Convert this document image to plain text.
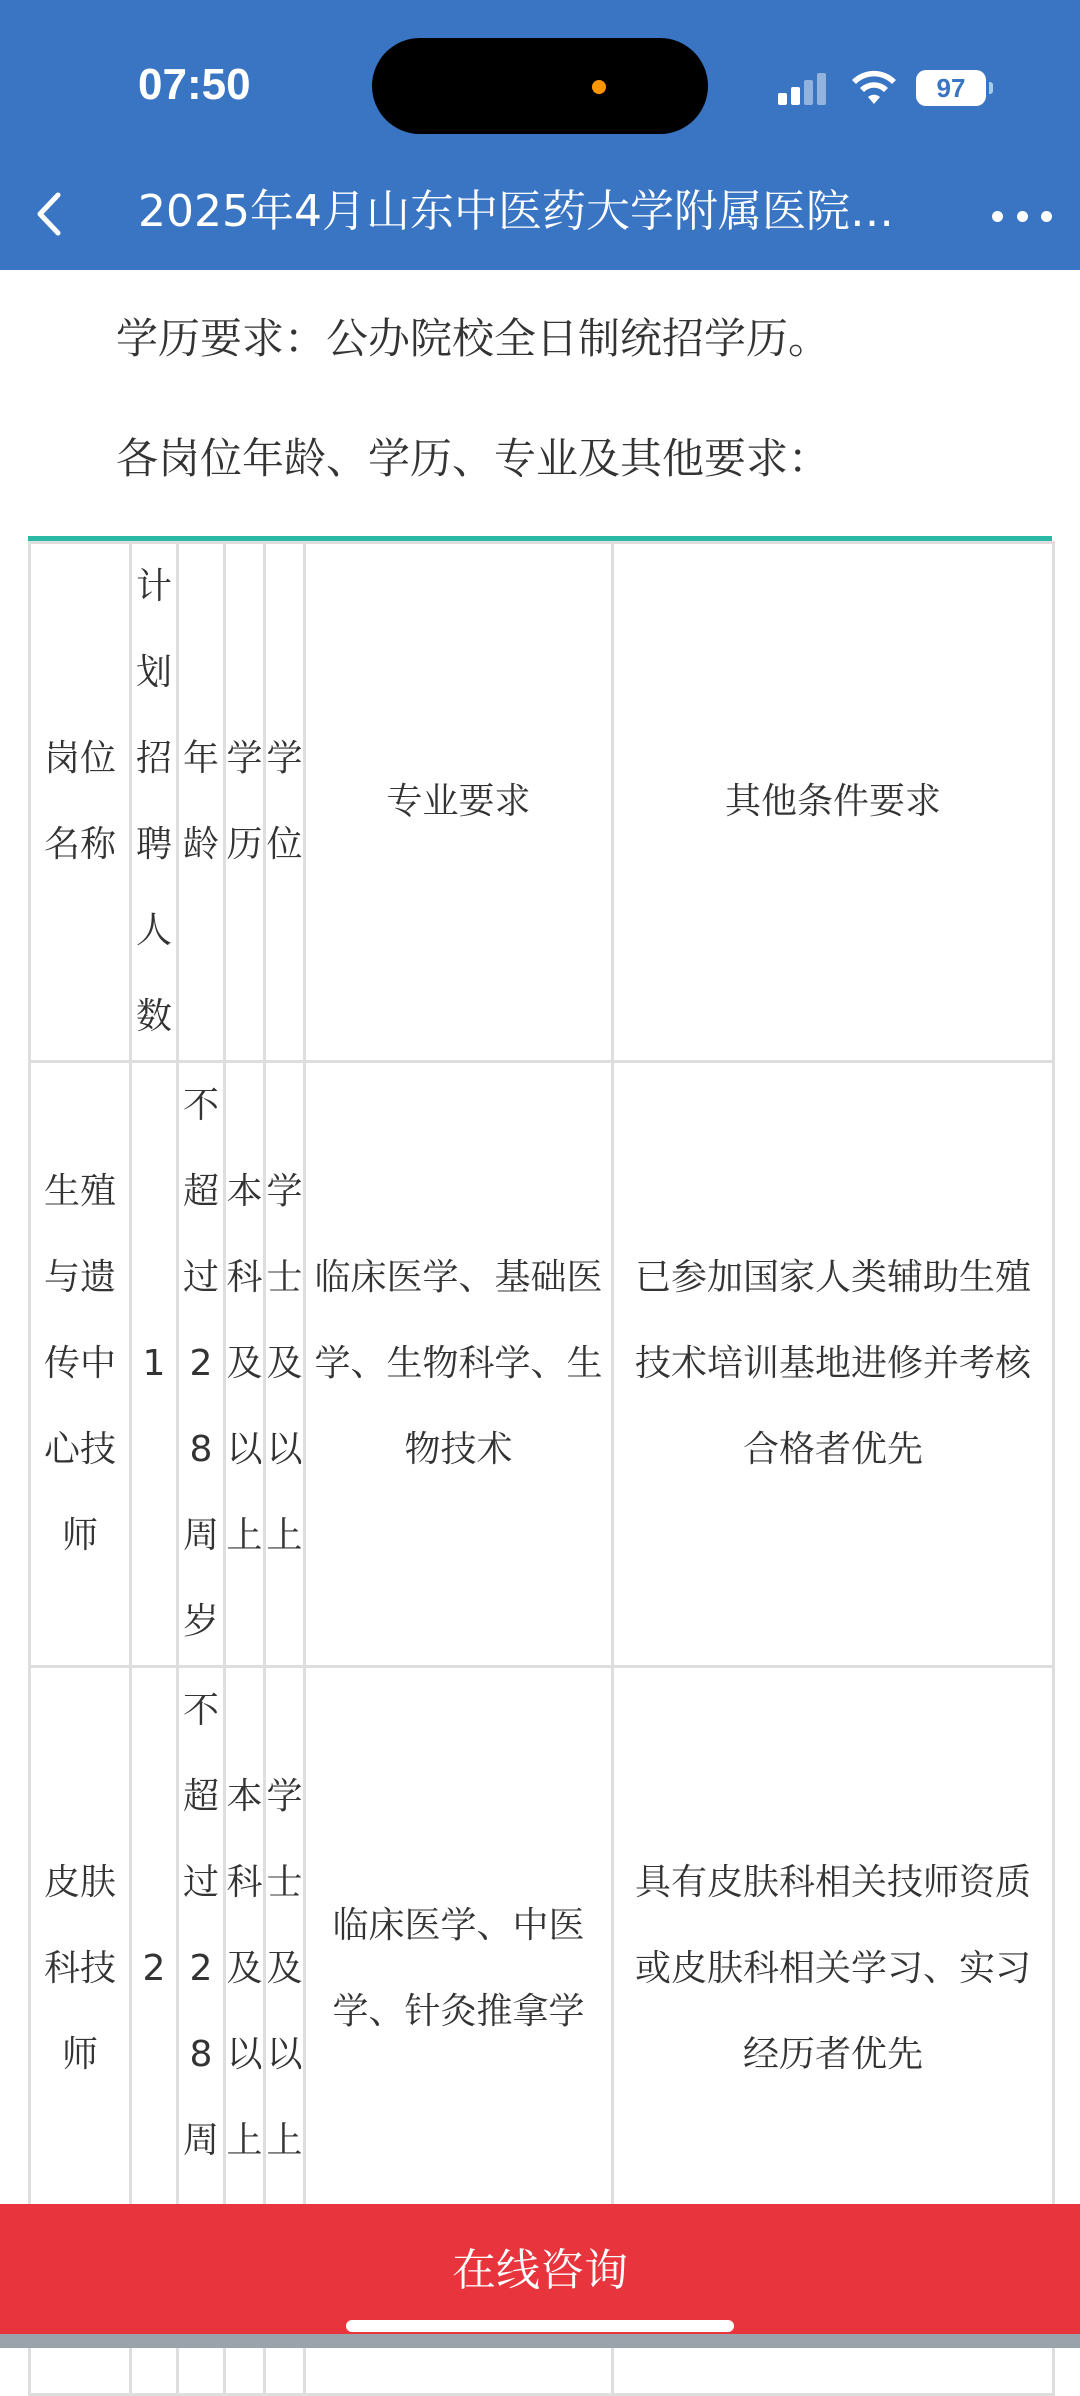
07:50	97
2025年4月山东中医药大学附属医院…
学历要求：公办院校全日制统招学历。
各岗位年龄、学历、专业及其他要求：
岗位名称	计划招聘人数	年龄	学历	学位	专业要求	其他条件要求
生殖与遗传中心技师	1	不超过28周岁	本科及以上	学士及以上	临床医学、基础医学、生物科学、生物技术	已参加国家人类辅助生殖技术培训基地进修并考核合格者优先
皮肤科技师	2	不超过28周	本科及以上	学士及以上	临床医学、中医学、针灸推拿学	具有皮肤科相关技师资质或皮肤科相关学习、实习经历者优先

在线咨询
